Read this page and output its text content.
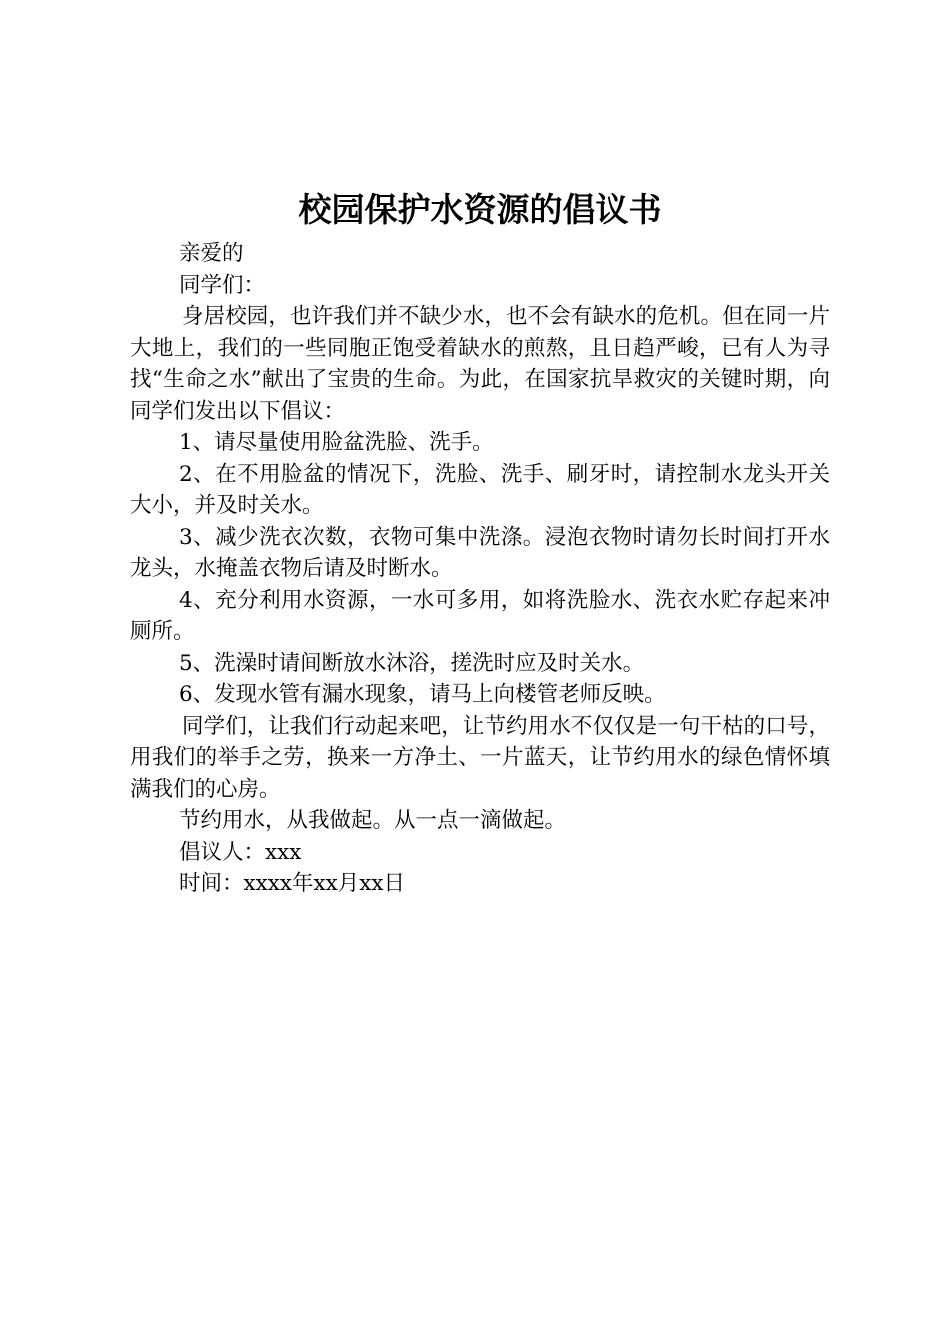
校园保护水资源的倡议书

亲爱的

同学们：

身居校园，也许我们并不缺少水，也不会有缺水的危机。但在同一片大地上，我们的一些同胞正饱受着缺水的煎熬，且日趋严峻，已有人为寻找“生命之水”献出了宝贵的生命。为此，在国家抗旱救灾的关键时期，向同学们发出以下倡议：

1、请尽量使用脸盆洗脸、洗手。

2、在不用脸盆的情况下，洗脸、洗手、刷牙时，请控制水龙头开关大小，并及时关水。

3、减少洗衣次数，衣物可集中洗涤。浸泡衣物时请勿长时间打开水龙头，水掩盖衣物后请及时断水。

4、充分利用水资源，一水可多用，如将洗脸水、洗衣水贮存起来冲厕所。

5、洗澡时请间断放水沐浴，搓洗时应及时关水。

6、发现水管有漏水现象，请马上向楼管老师反映。

同学们，让我们行动起来吧，让节约用水不仅仅是一句干枯的口号，用我们的举手之劳，换来一方净土、一片蓝天，让节约用水的绿色情怀填满我们的心房。

节约用水，从我做起。从一点一滴做起。

倡议人：xxx

时间：xxxx年xx月xx日
